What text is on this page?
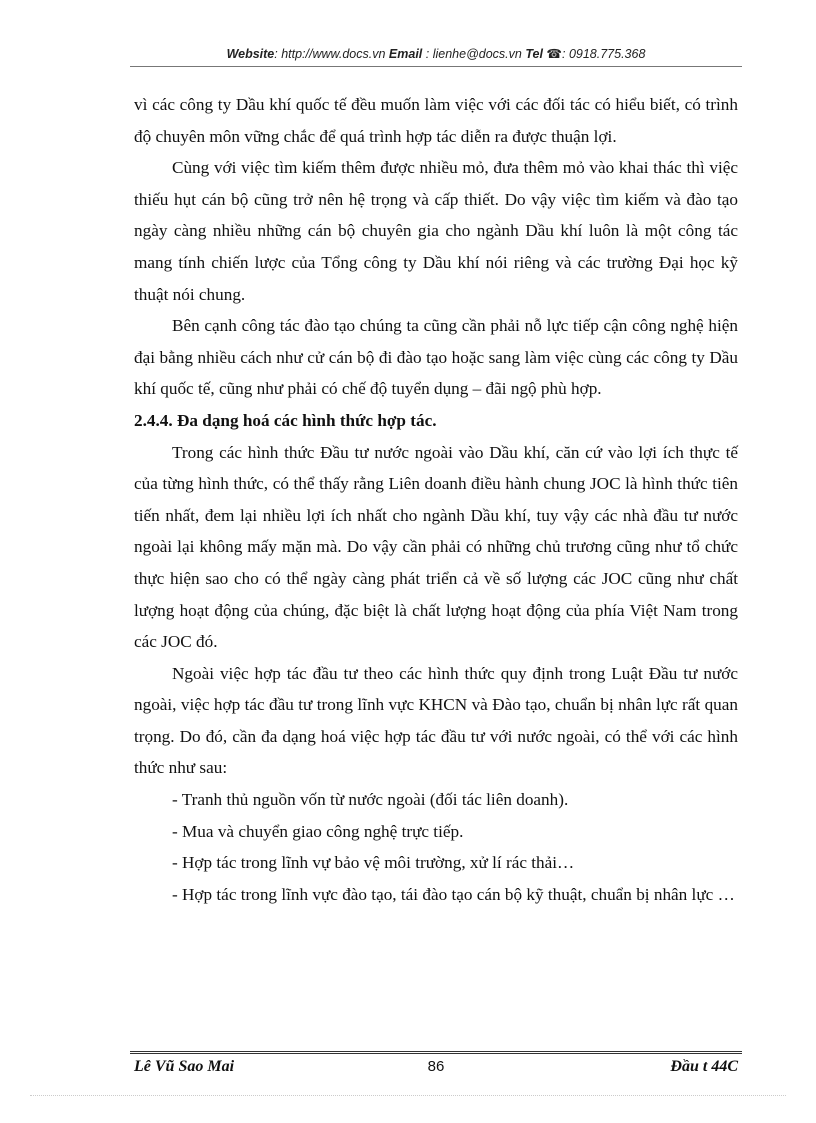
Website: http://www.docs.vn Email : lienhe@docs.vn Tel ☎: 0918.775.368

vì các công ty Dầu khí quốc tế đều muốn làm việc với các đối tác có hiểu biết, có trình độ chuyên môn vững chắc để quá trình hợp tác diễn ra được thuận lợi.

Cùng với việc tìm kiếm thêm được nhiều mỏ, đưa thêm mỏ vào khai thác thì việc thiếu hụt cán bộ cũng trở nên hệ trọng và cấp thiết. Do vậy việc tìm kiếm và đào tạo ngày càng nhiều những cán bộ chuyên gia cho ngành Dầu khí luôn là một công tác mang tính chiến lược của Tổng công ty Dầu khí nói riêng và các trường Đại học kỹ thuật nói chung.

Bên cạnh công tác đào tạo chúng ta cũng cần phải nỗ lực tiếp cận công nghệ hiện đại bằng nhiều cách như cử cán bộ đi đào tạo hoặc sang làm việc cùng các công ty Dầu khí quốc tế, cũng như phải có chế độ tuyển dụng – đãi ngộ phù hợp.

2.4.4. Đa dạng hoá các hình thức hợp tác.

Trong các hình thức Đầu tư nước ngoài vào Dầu khí, căn cứ vào lợi ích thực tế của từng hình thức, có thể thấy rằng Liên doanh điều hành chung JOC là hình thức tiên tiến nhất, đem lại nhiều lợi ích nhất cho ngành Dầu khí, tuy vậy các nhà đầu tư nước ngoài lại không mấy mặn mà. Do vậy cần phải có những chủ trương cũng như tổ chức thực hiện sao cho có thể ngày càng phát triển cả về số lượng các JOC cũng như chất lượng hoạt động của chúng, đặc biệt là chất lượng hoạt động của phía Việt Nam trong các JOC đó.

Ngoài việc hợp tác đầu tư theo các hình thức quy định trong Luật Đầu tư nước ngoài, việc hợp tác đầu tư trong lĩnh vực KHCN và Đào tạo, chuẩn bị nhân lực rất quan trọng. Do đó, cần đa dạng hoá việc hợp tác đầu tư với nước ngoài, có thể với các hình thức như sau:

- Tranh thủ nguồn vốn từ nước ngoài (đối tác liên doanh).

- Mua và chuyển giao công nghệ trực tiếp.

- Hợp tác trong lĩnh vự bảo vệ môi trường, xử lí rác thải…

- Hợp tác trong lĩnh vực đào tạo, tái đào tạo cán bộ kỹ thuật, chuẩn bị nhân lực …

Lê Vũ Sao Mai	86	Đầu t 44C
